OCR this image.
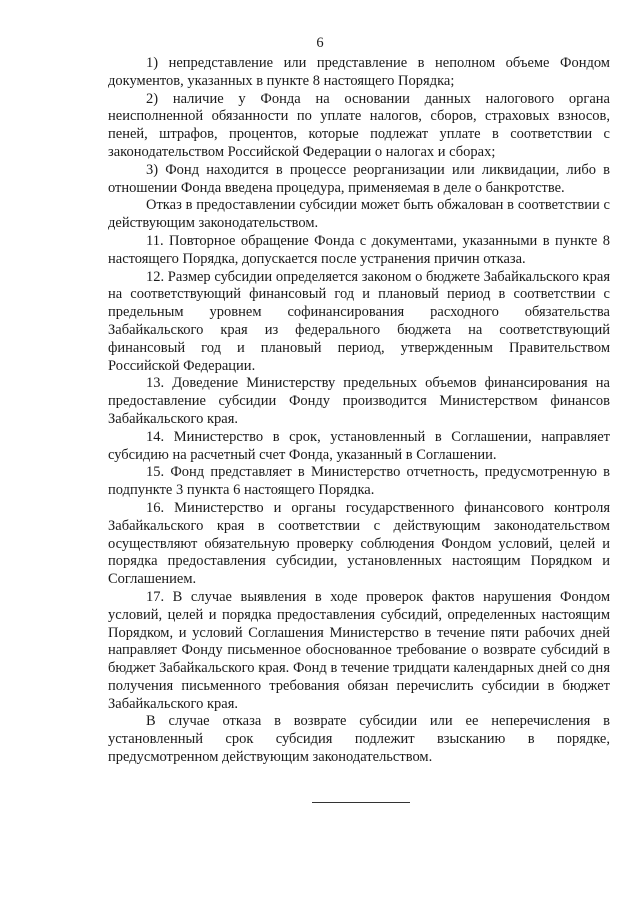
6

1) непредставление или представление в неполном объеме Фондом документов, указанных в пункте 8 настоящего Порядка;

2) наличие у Фонда на основании данных налогового органа неисполненной обязанности по уплате налогов, сборов, страховых взносов, пеней, штрафов, процентов, которые подлежат уплате в соответствии с законодательством Российской Федерации о налогах и сборах;

3) Фонд находится в процессе реорганизации или ликвидации, либо в отношении Фонда введена процедура, применяемая в деле о банкротстве.

Отказ в предоставлении субсидии может быть обжалован в соответствии с действующим законодательством.

11. Повторное обращение Фонда с документами, указанными в пункте 8 настоящего Порядка, допускается после устранения причин отказа.

12. Размер субсидии определяется законом о бюджете Забайкальского края на соответствующий финансовый год и плановый период в соответствии с предельным уровнем софинансирования расходного обязательства Забайкальского края из федерального бюджета на соответствующий финансовый год и плановый период, утвержденным Правительством Российской Федерации.

13. Доведение Министерству предельных объемов финансирования на предоставление субсидии Фонду производится Министерством финансов Забайкальского края.

14. Министерство в срок, установленный в Соглашении, направляет субсидию на расчетный счет Фонда, указанный в Соглашении.

15. Фонд представляет в Министерство отчетность, предусмотренную в подпункте 3 пункта 6 настоящего Порядка.

16. Министерство и органы государственного финансового контроля Забайкальского края в соответствии с действующим законодательством осуществляют обязательную проверку соблюдения Фондом условий, целей и порядка предоставления субсидии, установленных настоящим Порядком и Соглашением.

17. В случае выявления в ходе проверок фактов нарушения Фондом условий, целей и порядка предоставления субсидий, определенных настоящим Порядком, и условий Соглашения Министерство в течение пяти рабочих дней направляет Фонду письменное обоснованное требование о возврате субсидий в бюджет Забайкальского края. Фонд в течение тридцати календарных дней со дня получения письменного требования обязан перечислить субсидии в бюджет Забайкальского края.

В случае отказа в возврате субсидии или ее неперечисления в установленный срок субсидия подлежит взысканию в порядке, предусмотренном действующим законодательством.
